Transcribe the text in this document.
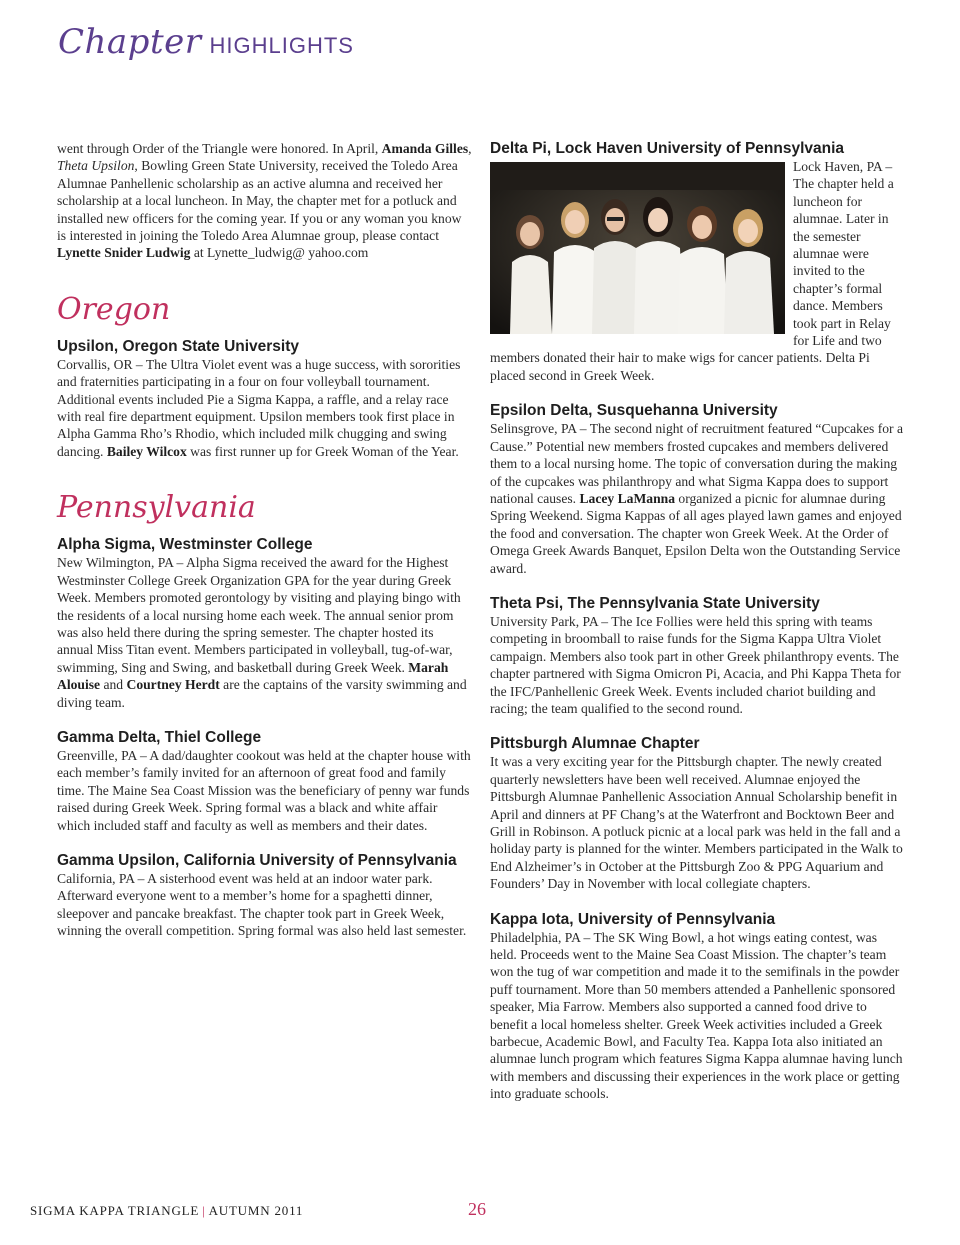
Chapter HIGHLIGHTS

went through Order of the Triangle were honored. In April, Amanda Gilles, Theta Upsilon, Bowling Green State University, received the Toledo Area Alumnae Panhellenic scholarship as an active alumna and received her scholarship at a local luncheon. In May, the chapter met for a potluck and installed new officers for the coming year. If you or any woman you know is interested in joining the Toledo Area Alumnae group, please contact Lynette Snider Ludwig at Lynette_ludwig@ yahoo.com

Oregon
Upsilon, Oregon State University

Corvallis, OR – The Ultra Violet event was a huge success, with sororities and fraternities participating in a four on four volleyball tournament. Additional events included Pie a Sigma Kappa, a raffle, and a relay race with real fire department equipment. Upsilon members took first place in Alpha Gamma Rho’s Rhodio, which included milk chugging and swing dancing. Bailey Wilcox was first runner up for Greek Woman of the Year.

Pennsylvania
Alpha Sigma, Westminster College

New Wilmington, PA – Alpha Sigma received the award for the Highest Westminster College Greek Organization GPA for the year during Greek Week. Members promoted gerontology by visiting and playing bingo with the residents of a local nursing home each week. The annual senior prom was also held there during the spring semester. The chapter hosted its annual Miss Titan event. Members participated in volleyball, tug-of-war, swimming, Sing and Swing, and basketball during Greek Week. Marah Alouise and Courtney Herdt are the captains of the varsity swimming and diving team.

Gamma Delta, Thiel College

Greenville, PA – A dad/daughter cookout was held at the chapter house with each member’s family invited for an afternoon of great food and family time. The Maine Sea Coast Mission was the beneficiary of penny war funds raised during Greek Week. Spring formal was a black and white affair which included staff and faculty as well as members and their dates.

Gamma Upsilon, California University of Pennsylvania

California, PA – A sisterhood event was held at an indoor water park. Afterward everyone went to a member’s home for a spaghetti dinner, sleepover and pancake breakfast. The chapter took part in Greek Week, winning the overall competition. Spring formal was also held last semester.

Delta Pi, Lock Haven University of Pennsylvania

Lock Haven, PA – The chapter held a luncheon for alumnae. Later in the semester alumnae were invited to the chapter’s formal dance. Members took part in Relay for Life and two members donated their hair to make wigs for cancer patients. Delta Pi placed second in Greek Week.

Epsilon Delta, Susquehanna University

Selinsgrove, PA – The second night of recruitment featured “Cupcakes for a Cause.” Potential new members frosted cupcakes and members delivered them to a local nursing home. The topic of conversation during the making of the cupcakes was philanthropy and what Sigma Kappa does to support national causes. Lacey LaManna organized a picnic for alumnae during Spring Weekend. Sigma Kappas of all ages played lawn games and enjoyed the food and conversation. The chapter won Greek Week. At the Order of Omega Greek Awards Banquet, Epsilon Delta won the Outstanding Service award.

Theta Psi, The Pennsylvania State University

University Park, PA – The Ice Follies were held this spring with teams competing in broomball to raise funds for the Sigma Kappa Ultra Violet campaign. Members also took part in other Greek philanthropy events. The chapter partnered with Sigma Omicron Pi, Acacia, and Phi Kappa Theta for the IFC/Panhellenic Greek Week. Events included chariot building and racing; the team qualified to the second round.

Pittsburgh Alumnae Chapter

It was a very exciting year for the Pittsburgh chapter. The newly created quarterly newsletters have been well received. Alumnae enjoyed the Pittsburgh Alumnae Panhellenic Association Annual Scholarship benefit in April and dinners at PF Chang’s at the Waterfront and Bocktown Beer and Grill in Robinson. A potluck picnic at a local park was held in the fall and a holiday party is planned for the winter. Members participated in the Walk to End Alzheimer’s in October at the Pittsburgh Zoo & PPG Aquarium and Founders’ Day in November with local collegiate chapters.

Kappa Iota, University of Pennsylvania

Philadelphia, PA – The SK Wing Bowl, a hot wings eating contest, was held. Proceeds went to the Maine Sea Coast Mission. The chapter’s team won the tug of war competition and made it to the semifinals in the powder puff tournament. More than 50 members attended a Panhellenic sponsored speaker, Mia Farrow. Members also supported a canned food drive to benefit a local homeless shelter. Greek Week activities included a Greek barbecue, Academic Bowl, and Faculty Tea. Kappa Iota also initiated an alumnae lunch program which features Sigma Kappa alumnae having lunch with members and discussing their experiences in the work place or getting into graduate schools.

SIGMA KAPPA TRIANGLE | AUTUMN 2011	26
